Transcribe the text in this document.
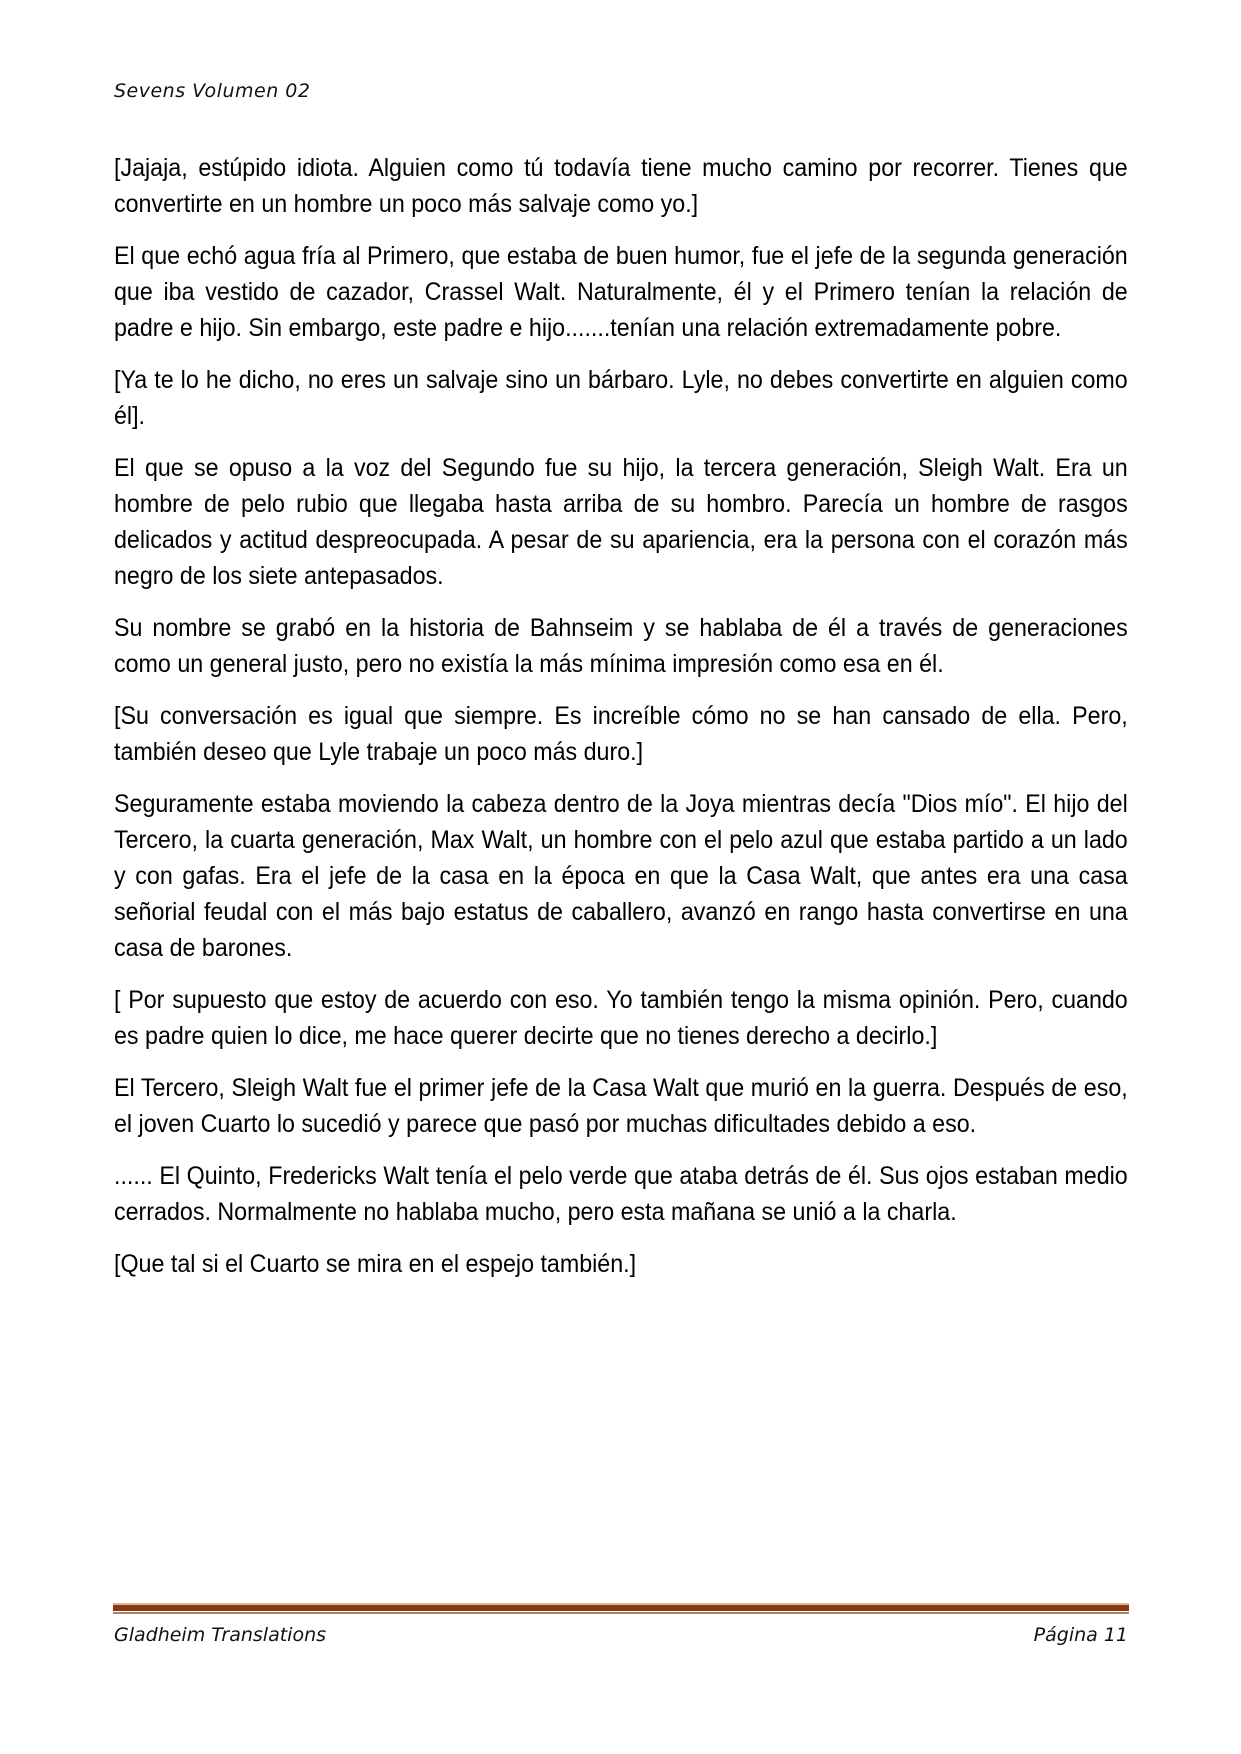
Sevens Volumen 02

[Jajaja, estúpido idiota. Alguien como tú todavía tiene mucho camino por recorrer. Tienes que convertirte en un hombre un poco más salvaje como yo.]

El que echó agua fría al Primero, que estaba de buen humor, fue el jefe de la segunda generación que iba vestido de cazador, Crassel Walt. Naturalmente, él y el Primero tenían la relación de padre e hijo. Sin embargo, este padre e hijo.......tenían una relación extremadamente pobre.

[Ya te lo he dicho, no eres un salvaje sino un bárbaro. Lyle, no debes convertirte en alguien como él].

El que se opuso a la voz del Segundo fue su hijo, la tercera generación, Sleigh Walt. Era un hombre de pelo rubio que llegaba hasta arriba de su hombro. Parecía un hombre de rasgos delicados y actitud despreocupada. A pesar de su apariencia, era la persona con el corazón más negro de los siete antepasados.

Su nombre se grabó en la historia de Bahnseim y se hablaba de él a través de generaciones como un general justo, pero no existía la más mínima impresión como esa en él.

[Su conversación es igual que siempre. Es increíble cómo no se han cansado de ella. Pero, también deseo que Lyle trabaje un poco más duro.]

Seguramente estaba moviendo la cabeza dentro de la Joya mientras decía "Dios mío". El hijo del Tercero, la cuarta generación, Max Walt, un hombre con el pelo azul que estaba partido a un lado y con gafas. Era el jefe de la casa en la época en que la Casa Walt, que antes era una casa señorial feudal con el más bajo estatus de caballero, avanzó en rango hasta convertirse en una casa de barones.

[ Por supuesto que estoy de acuerdo con eso. Yo también tengo la misma opinión. Pero, cuando es padre quien lo dice, me hace querer decirte que no tienes derecho a decirlo.]

El Tercero, Sleigh Walt fue el primer jefe de la Casa Walt que murió en la guerra. Después de eso, el joven Cuarto lo sucedió y parece que pasó por muchas dificultades debido a eso.

...... El Quinto, Fredericks Walt tenía el pelo verde que ataba detrás de él. Sus ojos estaban medio cerrados. Normalmente no hablaba mucho, pero esta mañana se unió a la charla.

[Que tal si el Cuarto se mira en el espejo también.]

Gladheim Translations	Página 11
